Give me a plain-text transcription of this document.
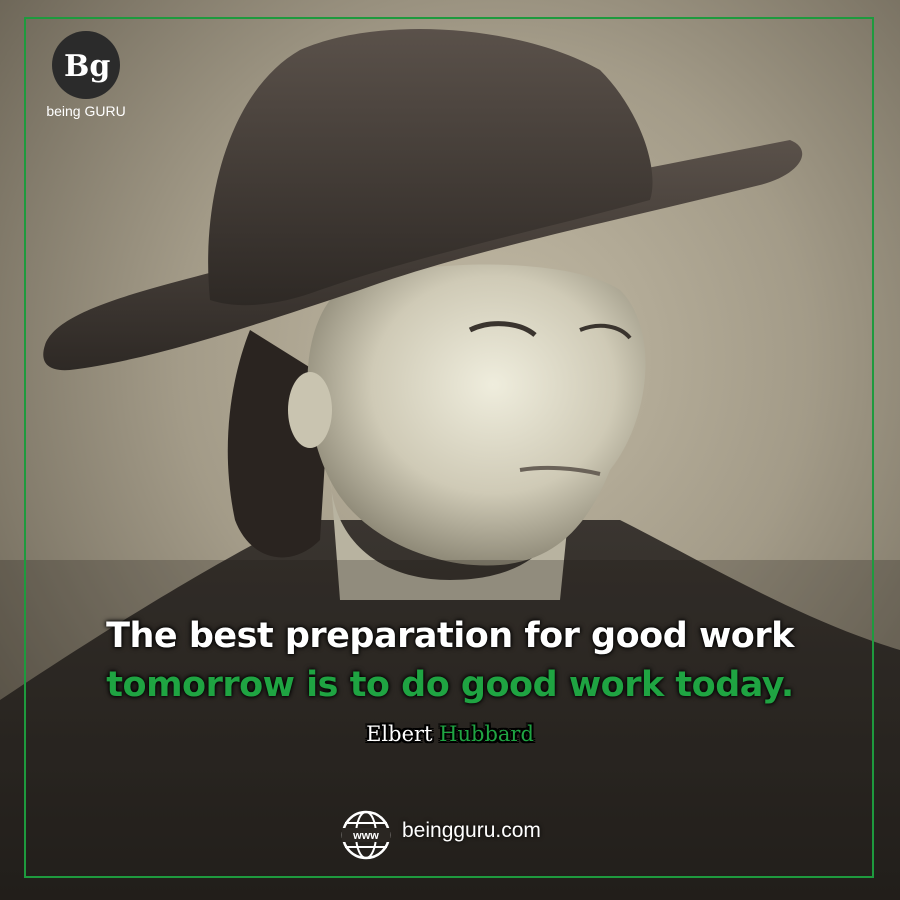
Bg
being GURU
The best preparation for good work
tomorrow is to do good work today.
Elbert Hubbard
www beingguru.com
